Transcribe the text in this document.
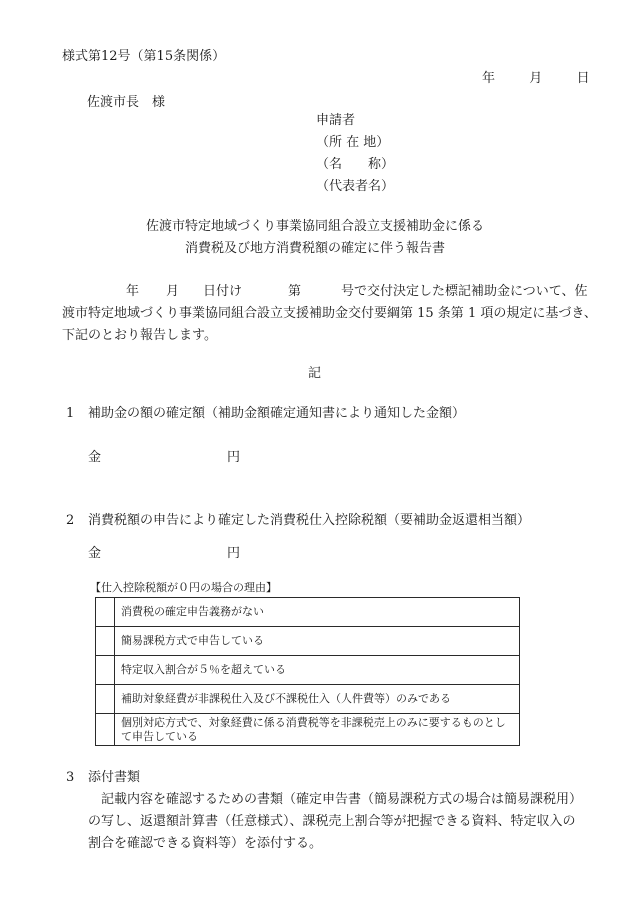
様式第12号（第15条関係）
年	月	日
佐渡市長　様
申請者
（所 在 地）
（名　　称）
（代表者名）
佐渡市特定地域づくり事業協同組合設立支援補助金に係る
消費税及び地方消費税額の確定に伴う報告書
年 月 日付け	第	号で交付決定した標記補助金について、佐
渡市特定地域づくり事業協同組合設立支援補助金交付要綱第 15 条第 1 項の規定に基づき、
下記のとおり報告します。
記
1 補助金の額の確定額（補助金額確定通知書により通知した金額）
金	円
2 消費税額の申告により確定した消費税仕入控除税額（要補助金返還相当額）
金	円
【仕入控除税額が０円の場合の理由】
	消費税の確定申告義務がない
	簡易課税方式で申告している
	特定収入割合が５％を超えている
	補助対象経費が非課税仕入及び不課税仕入（人件費等）のみである
	個別対応方式で、対象経費に係る消費税等を非課税売上のみに要するものとして申告している
3 添付書類
記載内容を確認するための書類（確定申告書（簡易課税方式の場合は簡易課税用）
の写し、返還額計算書（任意様式）、課税売上割合等が把握できる資料、特定収入の
割合を確認できる資料等）を添付する。
